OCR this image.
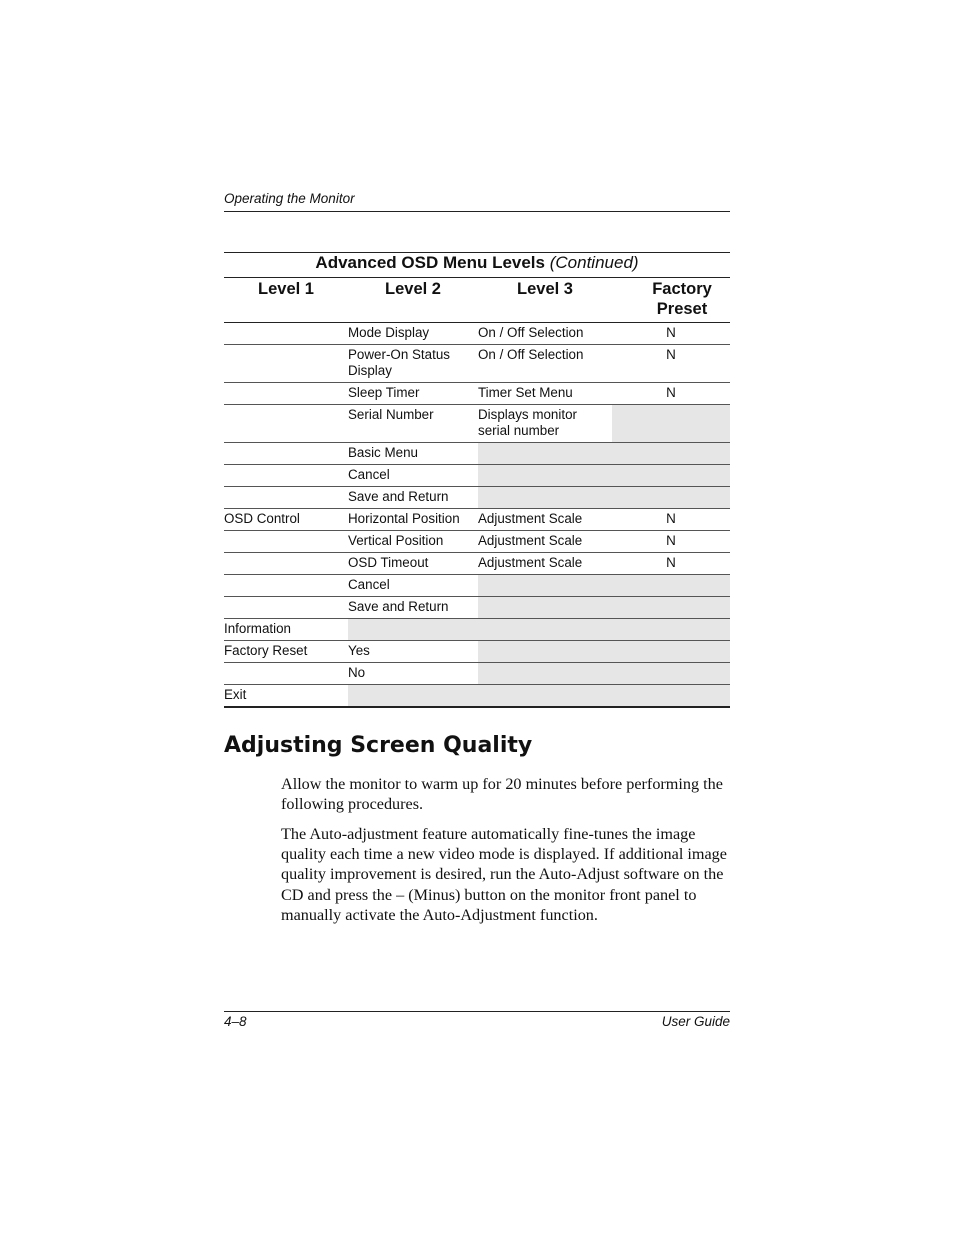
Operating the Monitor
Advanced OSD Menu Levels (Continued)
Level 1	Level 2	Level 3	Factory Preset
	Mode Display	On / Off Selection	N
	Power-On Status Display	On / Off Selection	N
	Sleep Timer	Timer Set Menu	N
	Serial Number	Displays monitor serial number	
	Basic Menu		
	Cancel		
	Save and Return		
OSD Control	Horizontal Position	Adjustment Scale	N
	Vertical Position	Adjustment Scale	N
	OSD Timeout	Adjustment Scale	N
	Cancel		
	Save and Return		
Information			
Factory Reset	Yes		
	No		
Exit			
Adjusting Screen Quality

Allow the monitor to warm up for 20 minutes before performing the following procedures.

The Auto-adjustment feature automatically fine-tunes the image quality each time a new video mode is displayed. If additional image quality improvement is desired, run the Auto-Adjust software on the CD and press the – (Minus) button on the monitor front panel to manually activate the Auto-Adjustment function.

4–8	User Guide
